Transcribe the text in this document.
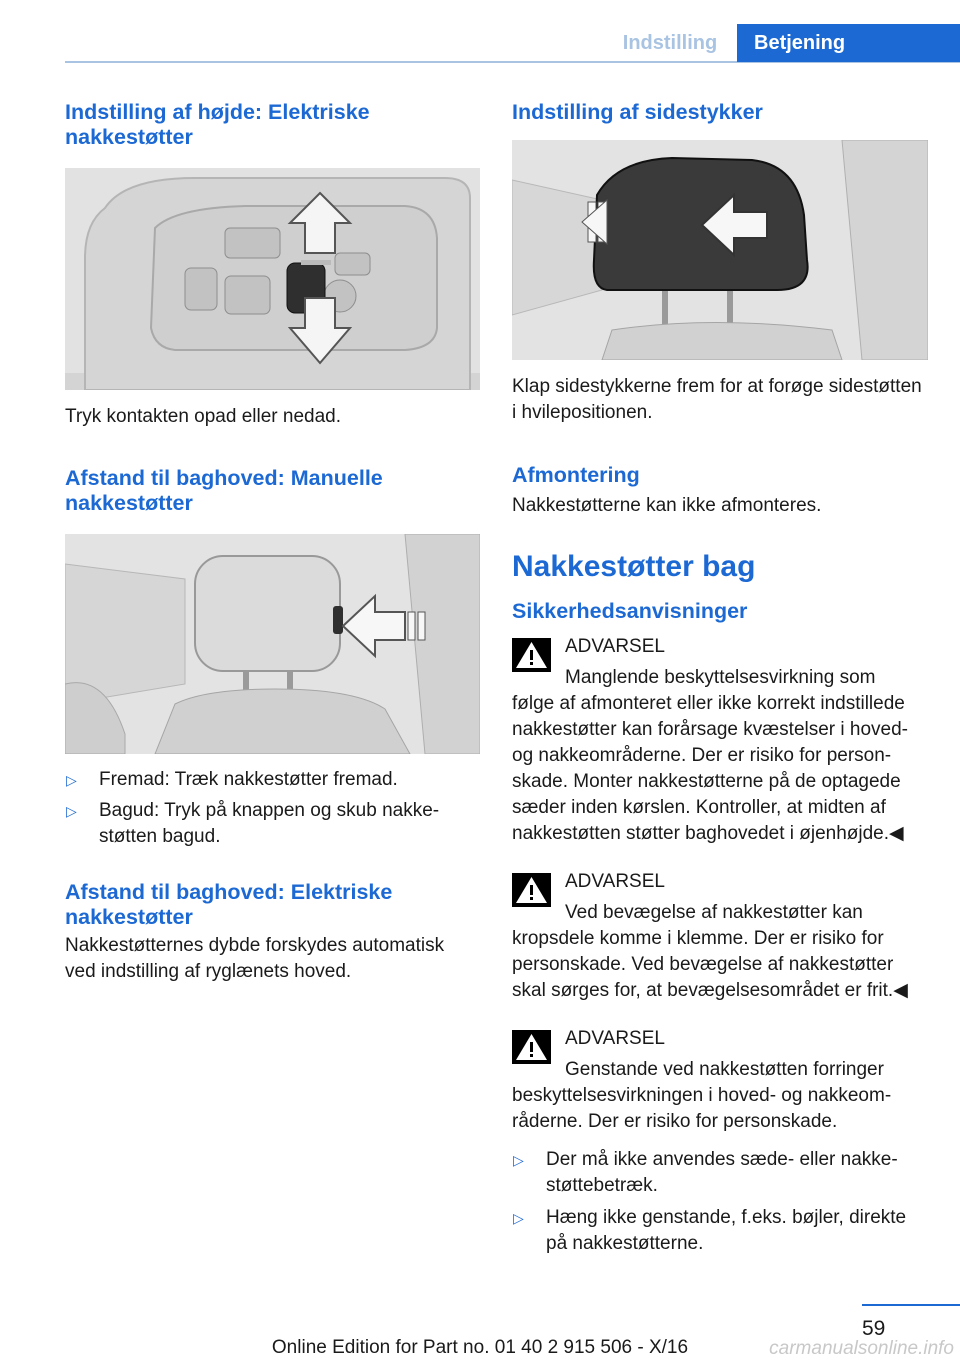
Indstilling	Betjening
Indstilling af højde: Elektriske nakkestøtter

Tryk kontakten opad eller nedad.

Afstand til baghoved: Manuelle nakkestøtter
▷ Fremad: Træk nakkestøtter fremad.
▷ Bagud: Tryk på knappen og skub nakkestøtten bagud.
Afstand til baghoved: Elektriske nakkestøtter

Nakkestøtternes dybde forskydes automatisk ved indstilling af ryglænets hoved.

Indstilling af sidestykker

Klap sidestykkerne frem for at forøge sidestøtten i hvilepositionen.

Afmontering

Nakkestøtterne kan ikke afmonteres.

Nakkestøtter bag
Sikkerhedsanvisninger
ADVARSEL
Manglende beskyttelsesvirkning som
følge af afmonteret eller ikke korrekt indstillede nakkestøtter kan forårsage kvæstelser i hoved- og nakkeområderne. Der er risiko for personskade. Monter nakkestøtterne på de optagede sæder inden kørslen. Kontroller, at midten af nakkestøtten støtter baghovedet i øjenhøjde.◀
ADVARSEL
Ved bevægelse af nakkestøtter kan
kropsdele komme i klemme. Der er risiko for personskade. Ved bevægelse af nakkestøtter skal sørges for, at bevægelsesområdet er frit.◀
ADVARSEL
Genstande ved nakkestøtten forringer
beskyttelsesvirkningen i hoved- og nakkeområderne. Der er risiko for personskade.
▷ Der må ikke anvendes sæde- eller nakkestøttebetræk.
▷ Hæng ikke genstande, f.eks. bøjler, direkte på nakkestøtterne.
59
Online Edition for Part no. 01 40 2 915 506 - X/16	carmanualsonline.info
